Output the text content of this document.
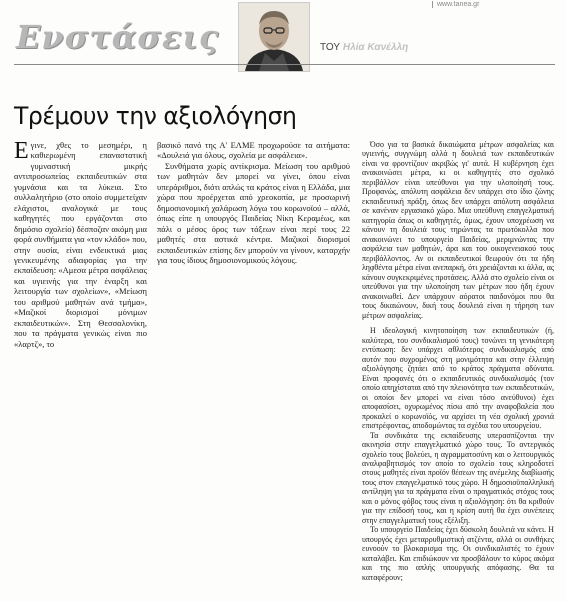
www.tanea.gr
Ενστάσεις	ΤΟΥ Ηλία Κανέλλη
Τρέμουν την αξιολόγηση

Εγινε, χθες το μεσημέρι, η καθιερωμένη επαναστατική γυμναστική μικρής αντιπροσωπείας εκπαιδευτικών στα γυμνάσια και τα λύκεια. Στο συλλαλητήριο (στο οποίο συμμετείχαν ελάχιστοι, αναλογικά με τους καθηγητές που εργάζονται στο δημόσιο σχολείο) δέσποζαν ακόμη μια φορά συνθήματα για «τον κλάδο» που, στην ουσία, είναι ενδεικτικά μιας γενικευμένης αδιαφορίας για την εκπαίδευση: «Αμεσα μέτρα ασφάλειας και υγιεινής για την έναρξη και λειτουργία των σχολείων», «Μείωση του αριθμού μαθητών ανά τμήμα», «Μαζικοί διορισμοί μόνιμων εκπαιδευτικών». Στη Θεσσαλονίκη, που τα πράγματα γενικώς είναι πιο «λαρτζ», το

βασικό πανό της Α' ΕΛΜΕ προχωρούσε τα αιτήματα: «Δουλειά για όλους, σχολεία με ασφάλεια».

Συνθήματα χωρίς αντίκρισμα. Μείωση του αριθμού των μαθητών δεν μπορεί να γίνει, όπου είναι υπεράριθμοι, διότι απλώς τα κράτος είναι η Ελλάδα, μια χώρα που προέρχεται από χρεοκοπία, με προσωρινή δημοσιονομική χαλάρωση λόγω του κορωνοϊού – αλλά, όπως είπε η υπουργός Παιδείας Νίκη Κεραμέως, και πάλι ο μέσος όρος των τάξεων είναι περί τους 22 μαθητές στα αστικά κέντρα. Μαζικοί διορισμοί εκπαιδευτικών επίσης δεν μπορούν να γίνουν, καταρχήν για τους ίδιους δημοσιονομικούς λόγους.

Όσο για τα βασικά δικαιώματα μέτρων ασφαλείας και υγιεινής, συγγνώμη αλλά η δουλειά των εκπαιδευτικών είναι να φροντίζουν ακριβώς γι' αυτά. Η κυβέρνηση έχει ανακοινώσει μέτρα, κι οι καθηγητές στο σχολικό περιβάλλον είναι υπεύθυνοι για την υλοποίησή τους. Προφανώς, απόλυτη ασφάλεια δεν υπάρχει στο ίδιο ζώνης εκπαιδευτική πράξη, όπως δεν υπάρχει απόλυτη ασφάλεια σε κανέναν εργασιακό χώρο. Μια υπεύθυνη επαγγελματική κατηγορία όπως οι καθηγητές, όμως, έχουν υποχρέωση να κάνουν τη δουλειά τους τηρώντας τα πρωτόκολλα που ανακοινώνει το υπουργείο Παιδείας, μεριμνώντας την ασφάλεια των μαθητών, άρα και του οικογενειακού τους περιβάλλοντος. Αν οι εκπαιδευτικοί θεωρούν ότι τα ήδη ληφθέντα μέτρα είναι ανεπαρκή, ότι χρειάζονται κι άλλα, ας κάνουν συγκεκριμένες προτάσεις. Αλλά στο σχολείο είναι οι υπεύθυνοι για την υλοποίηση των μέτρων που ήδη έχουν ανακοινωθεί. Δεν υπάρχουν αόρατοι παιδονόμοι που θα τους δικαιώνουν, δική τους δουλειά είναι η τήρηση των μέτρων ασφαλείας.

Η ιδεολογική κινητοποίηση των εκπαιδευτικών (ή, καλύτερα, του συνδικαλισμού τους) τονώνει τη γενικότερη εντύπωση: δεν υπάρχει αθλιότερος συνδικαλισμός από αυτόν που συχρομένος στη μονιμότητα και στην έλλειψη αξιολόγησης ζητάει από το κράτος πράγματα αδύνατα. Είναι προφανές ότι ο εκπαιδευτικός συνδικαλισμός (τον οποίο απηχίσταται από την πλειονότητα των εκπαιδευτικών, οι οποίοι δεν μπορεί να είναι τόσο ανεύθυνοι) έχει αποφασίσει, οχυρωμένος πίσω από την αναφοβαλεία που προκαλεί ο κορωνοϊός, να αρχίσει τη νέα σχολική χρονιά επιστρέφοντας, αποδομώντας τα σχέδια του υπουργείου.

Τα συνδικάτα της εκπαίδευσης υπερασπίζονται την ακινησία στην επαγγελματικό χώρο τους. Το αντεργικός σχολείο τους βολεύει, η αγραμματοσύνη και ο λειτουργικός αναλφαβητισμός τον οποίο το σχολείο τους κληροδοτεί στους μαθητές είναι προϊόν θέσεων της ανέμελης διαβίωσής τους στον επαγγελματικό τους χώρο. Η δημοσιοϋπαλληλική αντίληψη για τα πράγματα είναι ο πραγματικός στόχος τους και ο μόνος φόβος τους είναι η αξιολόγηση: ότι θα κριθούν για την επίδοσή τους, και η κρίση αυτή θα έχει συνέπειες στην επαγγελματική τους εξέλιξη.

Το υπουργείο Παιδείας έχει δύσκολη δουλειά να κάνει. Η υπουργός έχει μεταρρυθμιστική ατζέντα, αλλά οι συνθήκες ευνοούν το βλοκαρισμα της. Οι συνδικαλιστές το έχουν καταλάβει. Και επιδιώκουν να προσβάλουν το κύρος ακόμα και της πιο απλής υπουργικής απόφασης. Θα τα καταφέρουν;
